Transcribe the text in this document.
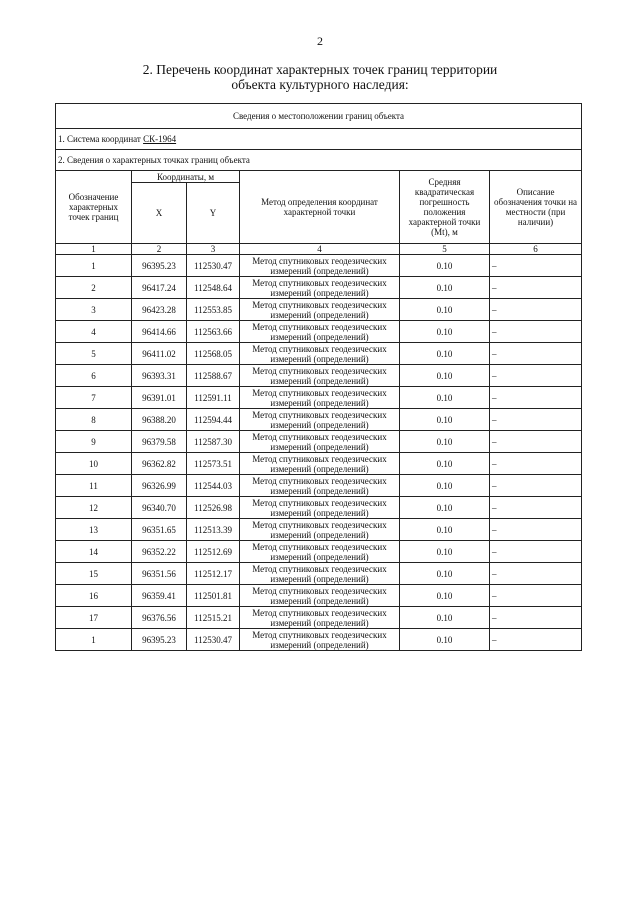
2
2. Перечень координат характерных точек границ территории
объекта культурного наследия:
Сведения о местоположении границ объекта					
1. Система координат СК-1964					
2. Сведения о характерных точках границ объекта					
Обозначение характерных точек границ	Координаты, м		Метод определения координат характерной точки	Средняя квадратическая погрешность положения характерной точки (Mt), м	Описание обозначения точки на местности (при наличии)
	X	Y			
1	2	3	4	5	6
1	96395.23	112530.47	Метод спутниковых геодезических измерений (определений)	0.10	–
2	96417.24	112548.64	Метод спутниковых геодезических измерений (определений)	0.10	–
3	96423.28	112553.85	Метод спутниковых геодезических измерений (определений)	0.10	–
4	96414.66	112563.66	Метод спутниковых геодезических измерений (определений)	0.10	–
5	96411.02	112568.05	Метод спутниковых геодезических измерений (определений)	0.10	–
6	96393.31	112588.67	Метод спутниковых геодезических измерений (определений)	0.10	–
7	96391.01	112591.11	Метод спутниковых геодезических измерений (определений)	0.10	–
8	96388.20	112594.44	Метод спутниковых геодезических измерений (определений)	0.10	–
9	96379.58	112587.30	Метод спутниковых геодезических измерений (определений)	0.10	–
10	96362.82	112573.51	Метод спутниковых геодезических измерений (определений)	0.10	–
11	96326.99	112544.03	Метод спутниковых геодезических измерений (определений)	0.10	–
12	96340.70	112526.98	Метод спутниковых геодезических измерений (определений)	0.10	–
13	96351.65	112513.39	Метод спутниковых геодезических измерений (определений)	0.10	–
14	96352.22	112512.69	Метод спутниковых геодезических измерений (определений)	0.10	–
15	96351.56	112512.17	Метод спутниковых геодезических измерений (определений)	0.10	–
16	96359.41	112501.81	Метод спутниковых геодезических измерений (определений)	0.10	–
17	96376.56	112515.21	Метод спутниковых геодезических измерений (определений)	0.10	–
1	96395.23	112530.47	Метод спутниковых геодезических измерений (определений)	0.10	–
